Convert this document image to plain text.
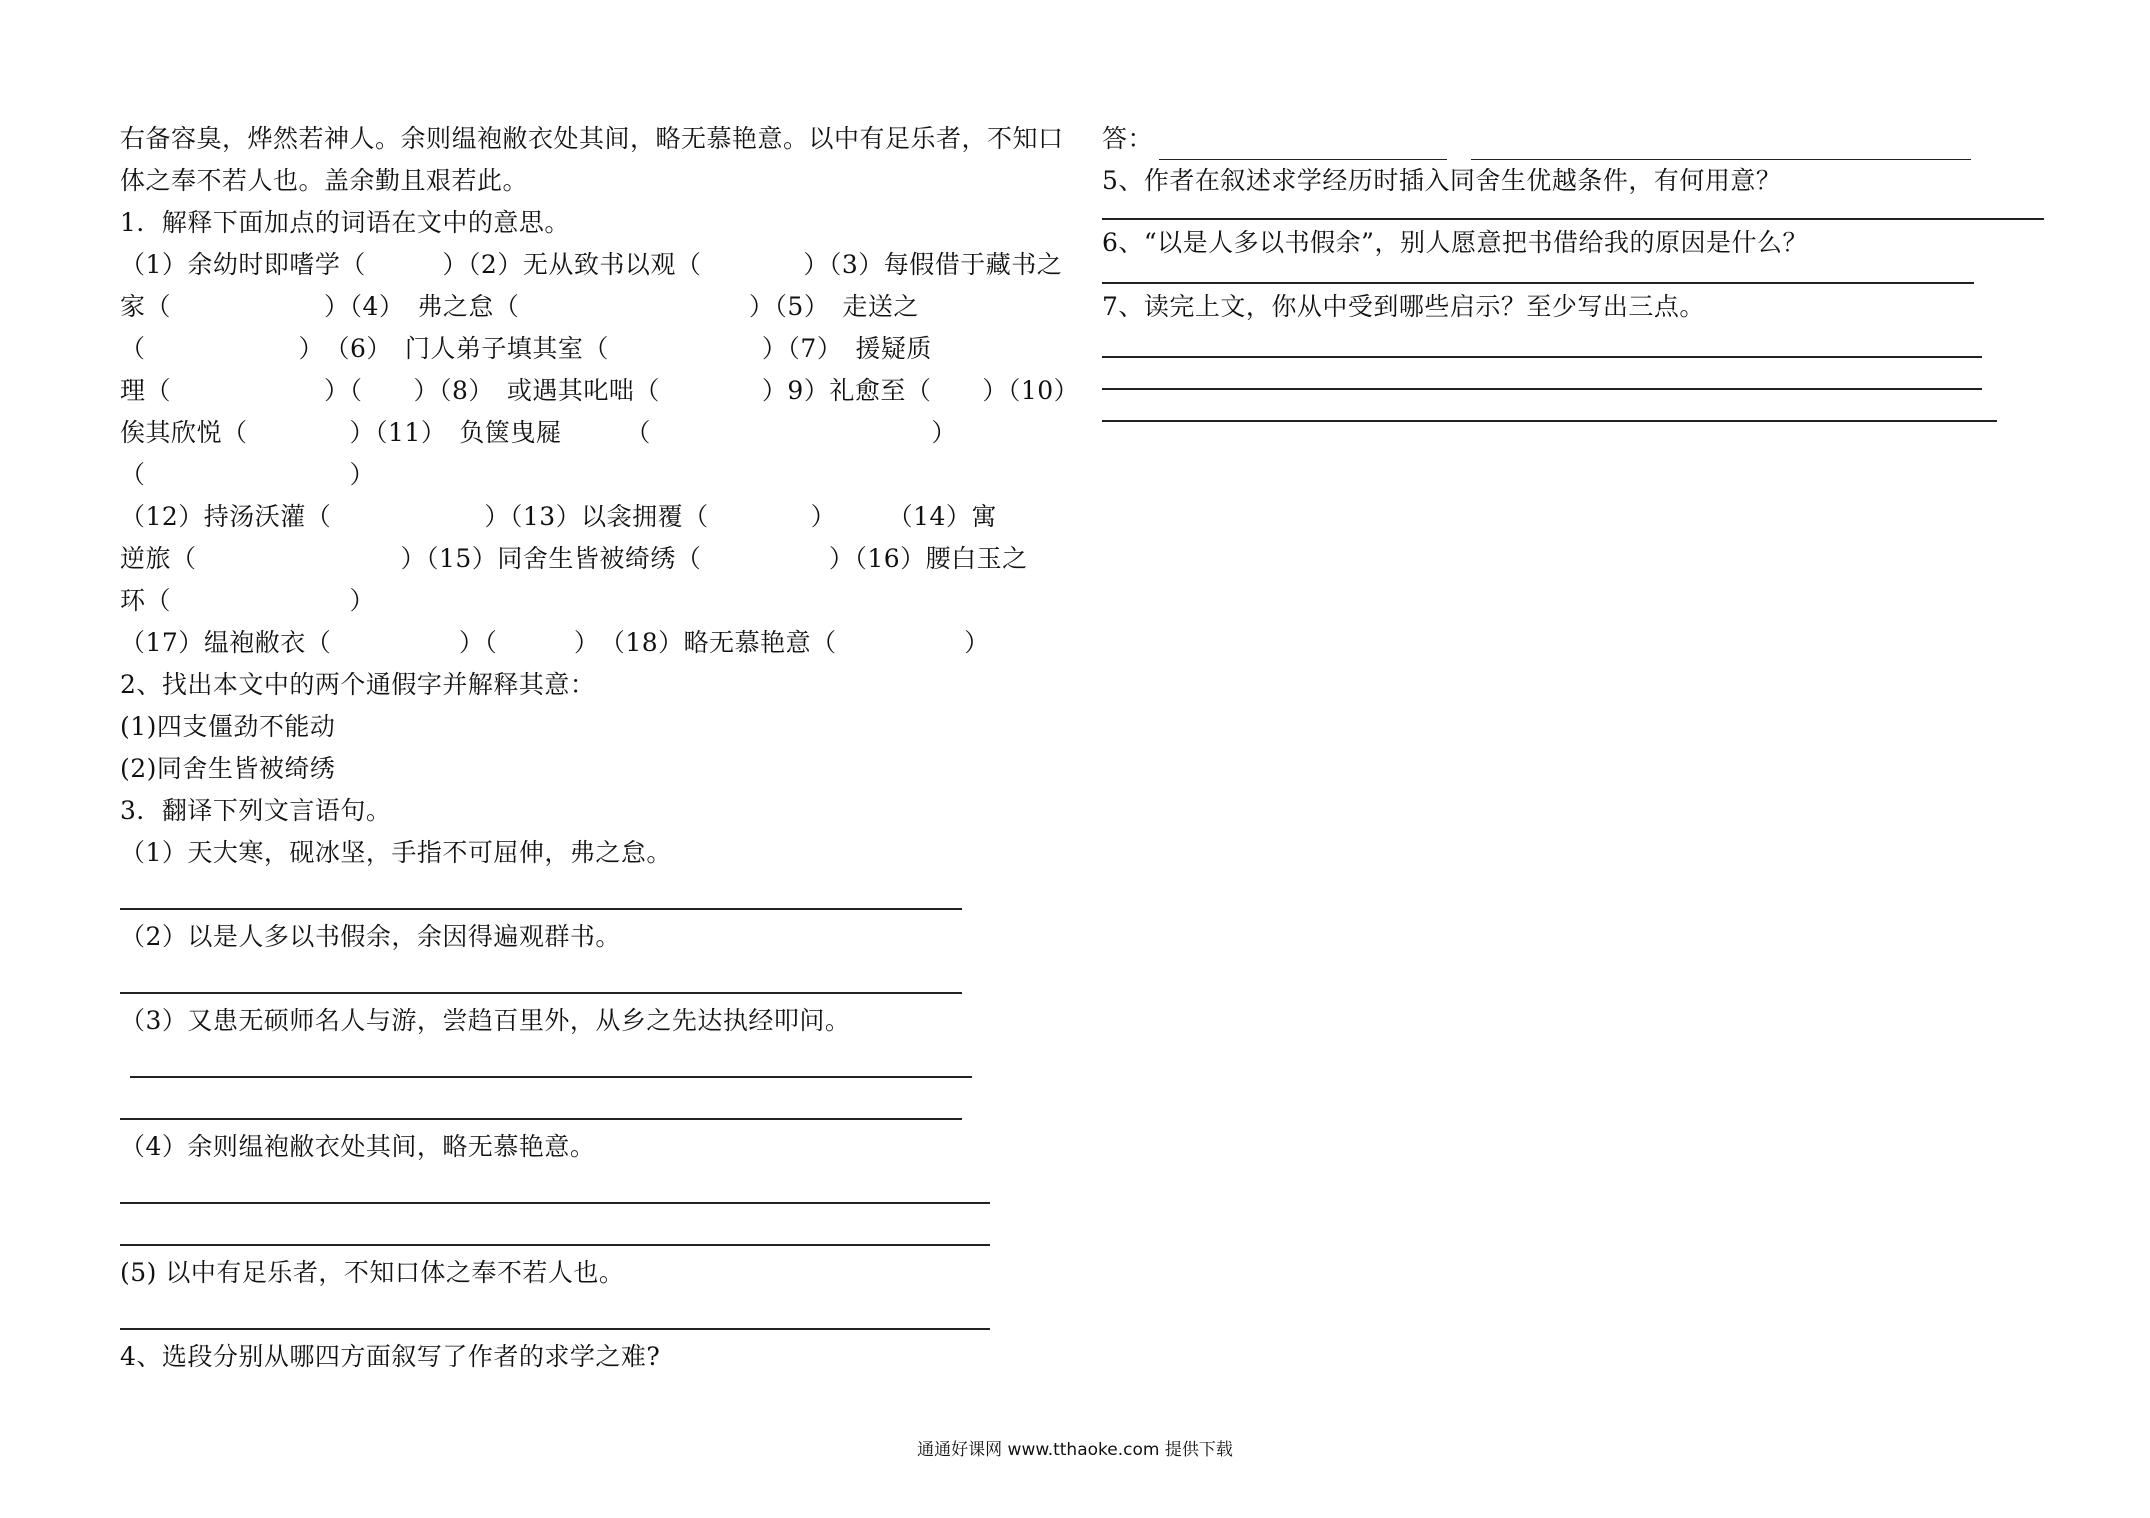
右备容臭，烨然若神人。余则缊袍敝衣处其间，略无慕艳意。以中有足乐者，不知口
体之奉不若人也。盖余勤且艰若此。
1．解释下面加点的词语在文中的意思。
（1）余幼时即嗜学（　　　）（2）无从致书以观（　　　　）（3）每假借于藏书之
家（　　　　　　）（4）　弗之怠（　　　　　　　　　）（5）　走送之
（　　　　　　）　（6）　门人弟子填其室（　　　　　　）（7）　援疑质
理（　　　　　　）（　　）（8）　或遇其叱咄（　　　　）9）礼愈至（　　）（10）
俟其欣悦（　　　　）（11）　负箧曳屣　　　（　　　　　　　　　　　）
（　　　　　　　　）
（12）持汤沃灌（　　　　　　）（13）以衾拥覆（　　　　）　　　（14）寓
逆旅（　　　　　　　　）（15）同舍生皆被绮绣（　　　　　）（16）腰白玉之
环（　　　　　　　）
（17）缊袍敝衣（　　　　　）（　　　）　（18）略无慕艳意（　　　　　）
2、找出本文中的两个通假字并解释其意：
(1)四支僵劲不能动
(2)同舍生皆被绮绣
3．翻译下列文言语句。
（1）天大寒，砚冰坚，手指不可屈伸，弗之怠。
（2）以是人多以书假余，余因得遍观群书。
（3）又患无硕师名人与游，尝趋百里外，从乡之先达执经叩问。
（4）余则缊袍敝衣处其间，略无慕艳意。
(5) 以中有足乐者，不知口体之奉不若人也。
4、选段分别从哪四方面叙写了作者的求学之难?
答：
5、作者在叙述求学经历时插入同舍生优越条件，有何用意？
6、“以是人多以书假余”，别人愿意把书借给我的原因是什么？
7、读完上文，你从中受到哪些启示？至少写出三点。
通通好课网 www.tthaoke.com 提供下载
